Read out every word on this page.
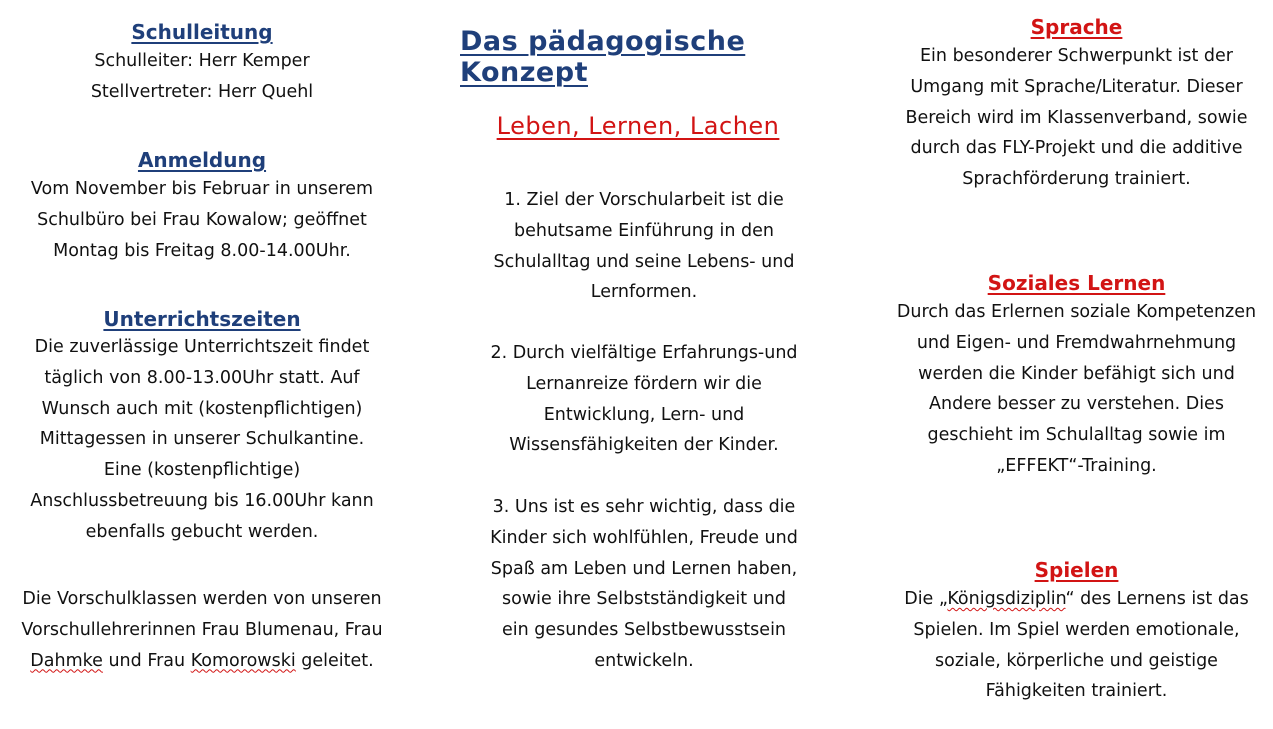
Schulleitung

Schulleiter: Herr Kemper

Stellvertreter: Herr Quehl

Anmeldung

Vom November bis Februar in unserem

Schulbüro bei Frau Kowalow; geöffnet

Montag bis Freitag 8.00-14.00Uhr.

Unterrichtszeiten

Die zuverlässige Unterrichtszeit findet

täglich von 8.00-13.00Uhr statt. Auf

Wunsch auch mit (kostenpflichtigen)

Mittagessen in unserer Schulkantine.

Eine (kostenpflichtige)

Anschlussbetreuung bis 16.00Uhr kann

ebenfalls gebucht werden.

Die Vorschulklassen werden von unseren

Vorschullehrerinnen Frau Blumenau, Frau

Dahmke und Frau Komorowski geleitet.

Das pädagogische Konzept

Leben, Lernen, Lachen

1. Ziel der Vorschularbeit ist die

behutsame Einführung in den

Schulalltag und seine Lebens- und

Lernformen.

2. Durch vielfältige Erfahrungs-und

Lernanreize fördern wir die

Entwicklung, Lern- und

Wissensfähigkeiten der Kinder.

3. Uns ist es sehr wichtig, dass die

Kinder sich wohlfühlen, Freude und

Spaß am Leben und Lernen haben,

sowie ihre Selbstständigkeit und

ein gesundes Selbstbewusstsein

entwickeln.

Sprache

Ein besonderer Schwerpunkt ist der

Umgang mit Sprache/Literatur. Dieser

Bereich wird im Klassenverband, sowie

durch das FLY-Projekt und die additive

Sprachförderung trainiert.

Soziales Lernen

Durch das Erlernen soziale Kompetenzen

und Eigen- und Fremdwahrnehmung

werden die Kinder befähigt sich und

Andere besser zu verstehen. Dies

geschieht im Schulalltag sowie im

„EFFEKT“-Training.

Spielen

Die „Königsdiziplin“ des Lernens ist das

Spielen. Im Spiel werden emotionale,

soziale, körperliche und geistige

Fähigkeiten trainiert.
